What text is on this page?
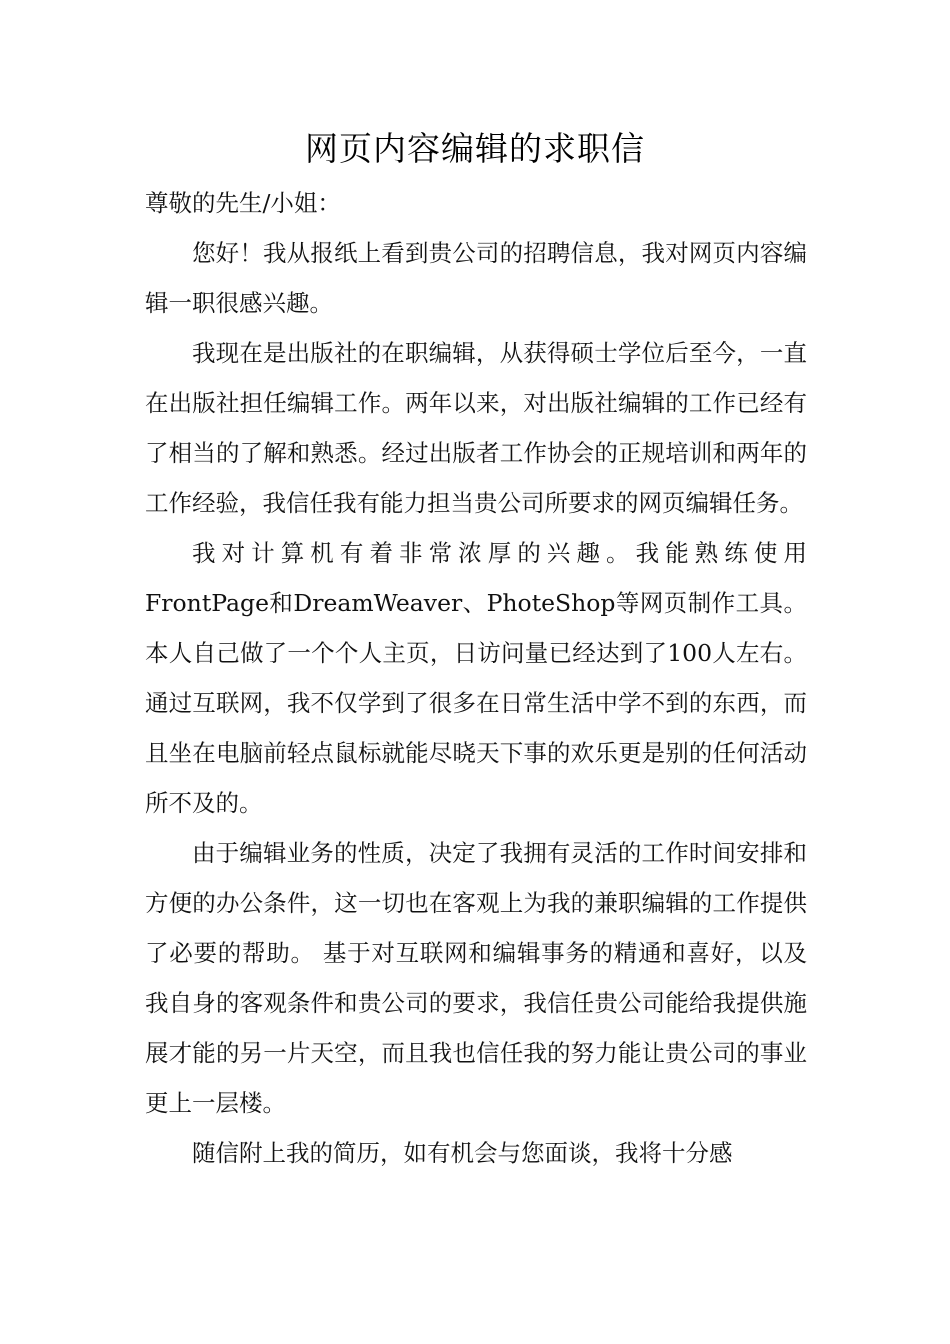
网页内容编辑的求职信

尊敬的先生/小姐：

您好！我从报纸上看到贵公司的招聘信息，我对网页内容编辑一职很感兴趣。

我现在是出版社的在职编辑，从获得硕士学位后至今，一直在出版社担任编辑工作。两年以来，对出版社编辑的工作已经有了相当的了解和熟悉。经过出版者工作协会的正规培训和两年的工作经验，我信任我有能力担当贵公司所要求的网页编辑任务。

我对计算机有着非常浓厚的兴趣。我能熟练使用FrontPage和DreamWeaver、PhoteShop等网页制作工具。本人自己做了一个个人主页，日访问量已经达到了100人左右。通过互联网，我不仅学到了很多在日常生活中学不到的东西，而且坐在电脑前轻点鼠标就能尽晓天下事的欢乐更是别的任何活动所不及的。

由于编辑业务的性质，决定了我拥有灵活的工作时间安排和方便的办公条件，这一切也在客观上为我的兼职编辑的工作提供了必要的帮助。 基于对互联网和编辑事务的精通和喜好，以及我自身的客观条件和贵公司的要求，我信任贵公司能给我提供施展才能的另一片天空，而且我也信任我的努力能让贵公司的事业更上一层楼。

随信附上我的简历，如有机会与您面谈，我将十分感
